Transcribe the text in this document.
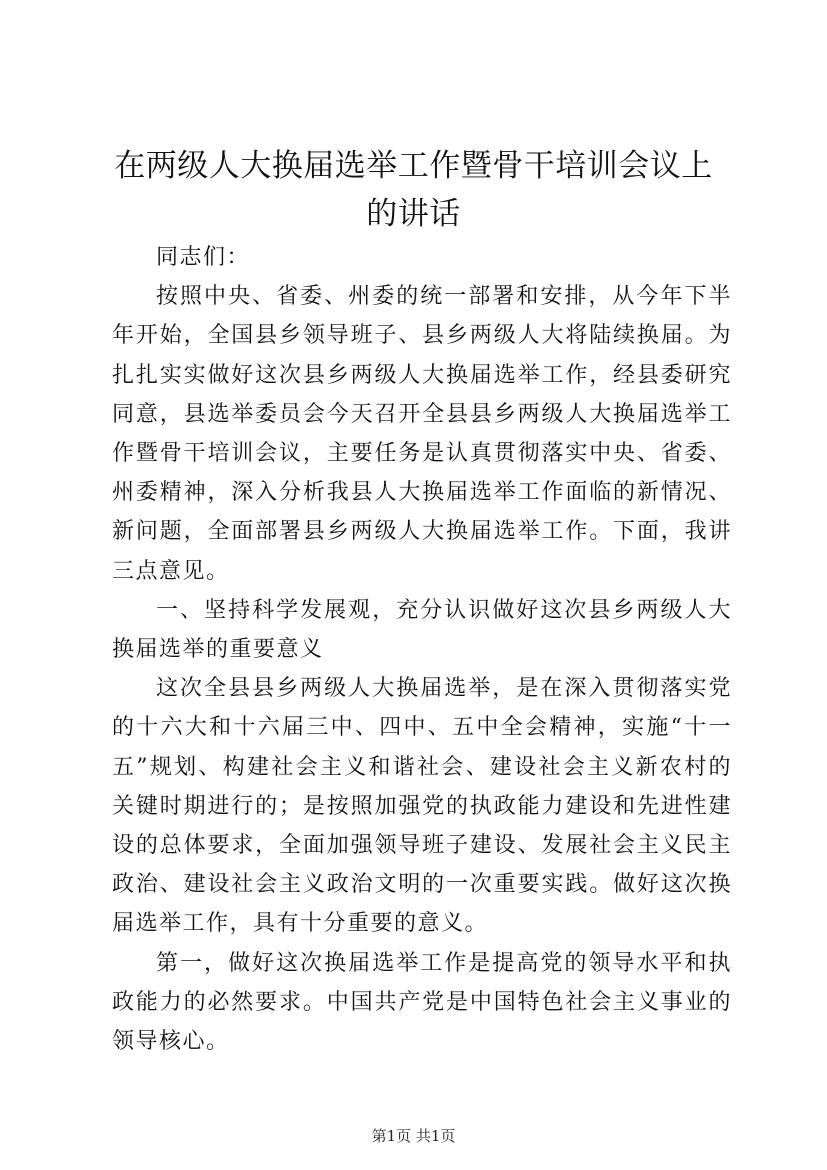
在两级人大换届选举工作暨骨干培训会议上的讲话

同志们：

按照中央、省委、州委的统一部署和安排，从今年下半年开始，全国县乡领导班子、县乡两级人大将陆续换届。为扎扎实实做好这次县乡两级人大换届选举工作，经县委研究同意，县选举委员会今天召开全县县乡两级人大换届选举工作暨骨干培训会议，主要任务是认真贯彻落实中央、省委、州委精神，深入分析我县人大换届选举工作面临的新情况、新问题，全面部署县乡两级人大换届选举工作。下面，我讲三点意见。

一、坚持科学发展观，充分认识做好这次县乡两级人大换届选举的重要意义

这次全县县乡两级人大换届选举，是在深入贯彻落实党的十六大和十六届三中、四中、五中全会精神，实施“十一五”规划、构建社会主义和谐社会、建设社会主义新农村的关键时期进行的；是按照加强党的执政能力建设和先进性建设的总体要求，全面加强领导班子建设、发展社会主义民主政治、建设社会主义政治文明的一次重要实践。做好这次换届选举工作，具有十分重要的意义。

第一，做好这次换届选举工作是提高党的领导水平和执政能力的必然要求。中国共产党是中国特色社会主义事业的领导核心。

第1页 共1页
